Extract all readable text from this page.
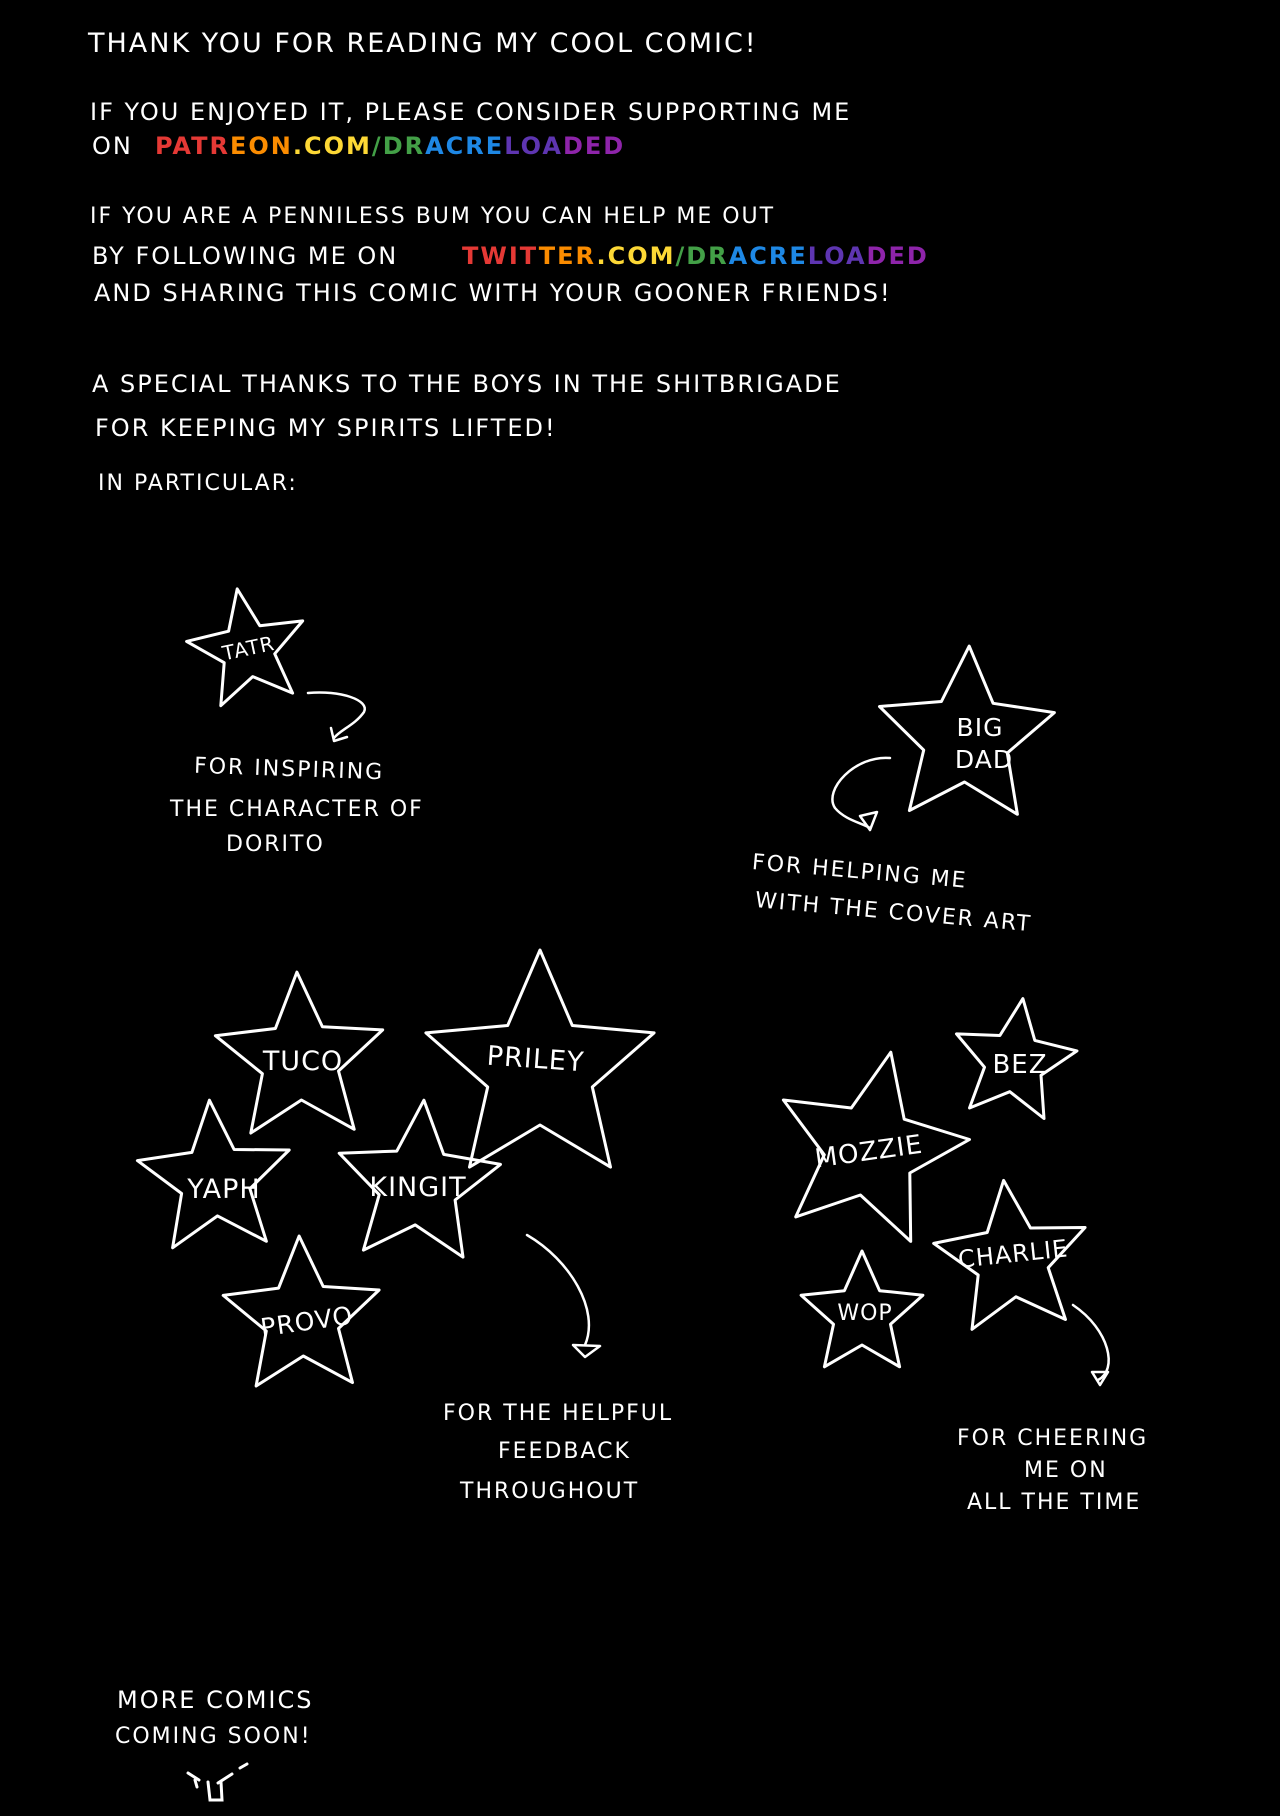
THANK YOU FOR READING MY COOL COMIC!
IF YOU ENJOYED IT, PLEASE CONSIDER SUPPORTING ME
ON PATREON.COM/DRACRELOADED
IF YOU ARE A PENNILESS BUM YOU CAN HELP ME OUT
BY FOLLOWING ME ON	TWITTER.COM/DRACRELOADED
AND SHARING THIS COMIC WITH YOUR GOONER FRIENDS!
A SPECIAL THANKS TO THE BOYS IN THE SHITBRIGADE
FOR KEEPING MY SPIRITS LIFTED!
IN PARTICULAR:
TATR
BIG
DAD
TUCO	PRILEY
YAPH	KINGIT
PROVO
BEZ
MOZZIE
CHARLIE
WOP
FOR INSPIRING
THE CHARACTER OF
DORITO
FOR HELPING ME
WITH THE COVER ART
FOR THE HELPFUL
FEEDBACK
THROUGHOUT
FOR CHEERING
ME ON
ALL THE TIME
MORE COMICS
COMING SOON!
